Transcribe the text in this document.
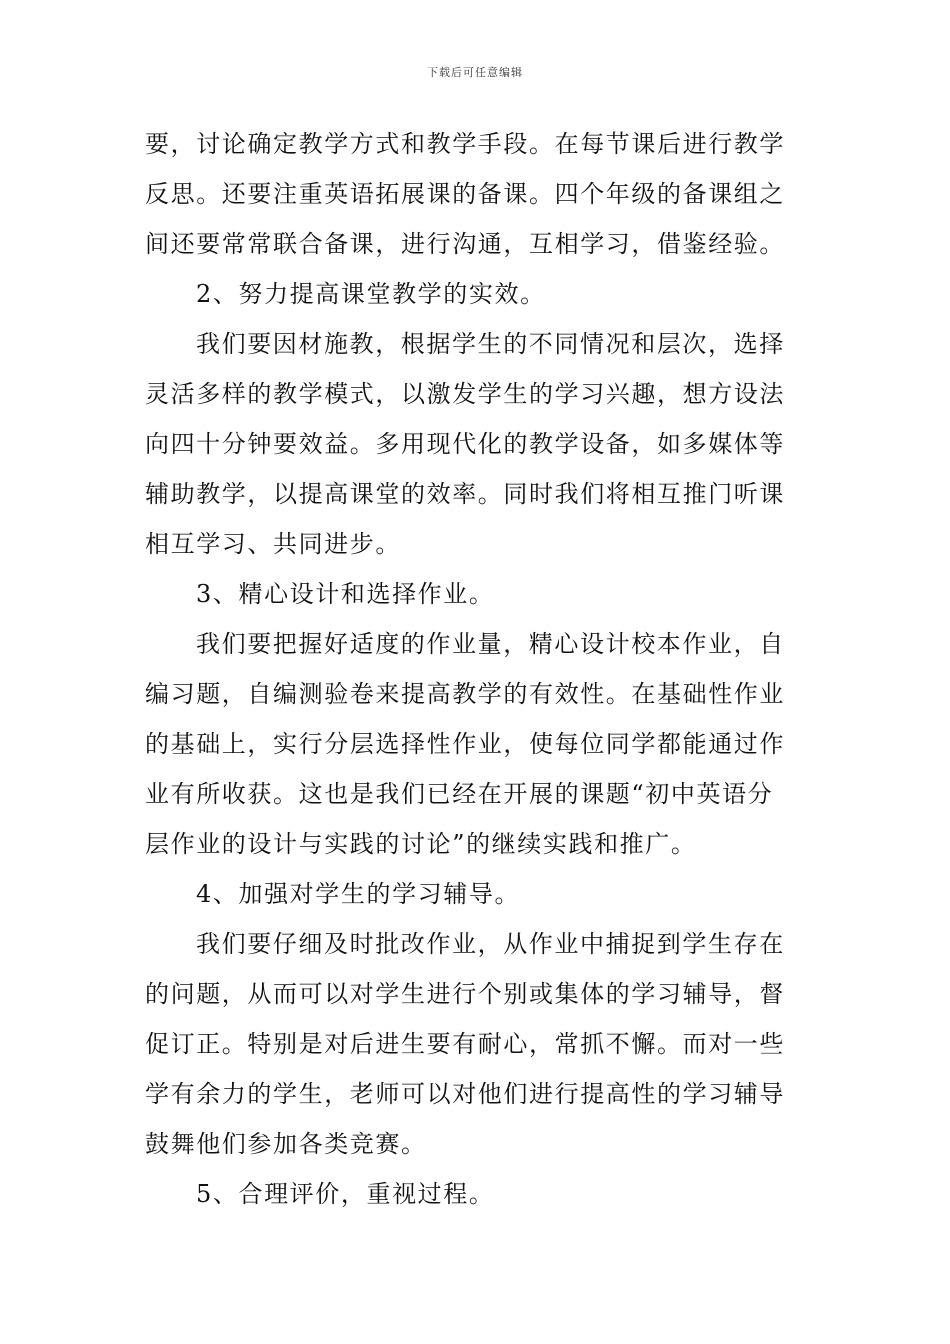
下载后可任意编辑
要，讨论确定教学方式和教学手段。在每节课后进行教学
反思。还要注重英语拓展课的备课。四个年级的备课组之
间还要常常联合备课，进行沟通，互相学习，借鉴经验。
2、努力提高课堂教学的实效。
我们要因材施教，根据学生的不同情况和层次，选择
灵活多样的教学模式，以激发学生的学习兴趣，想方设法
向四十分钟要效益。多用现代化的教学设备，如多媒体等
辅助教学，以提高课堂的效率。同时我们将相互推门听课
相互学习、共同进步。
3、精心设计和选择作业。
我们要把握好适度的作业量，精心设计校本作业，自
编习题，自编测验卷来提高教学的有效性。在基础性作业
的基础上，实行分层选择性作业，使每位同学都能通过作
业有所收获。这也是我们已经在开展的课题“初中英语分
层作业的设计与实践的讨论”的继续实践和推广。
4、加强对学生的学习辅导。
我们要仔细及时批改作业，从作业中捕捉到学生存在
的问题，从而可以对学生进行个别或集体的学习辅导，督
促订正。特别是对后进生要有耐心，常抓不懈。而对一些
学有余力的学生，老师可以对他们进行提高性的学习辅导
鼓舞他们参加各类竞赛。
5、合理评价，重视过程。
